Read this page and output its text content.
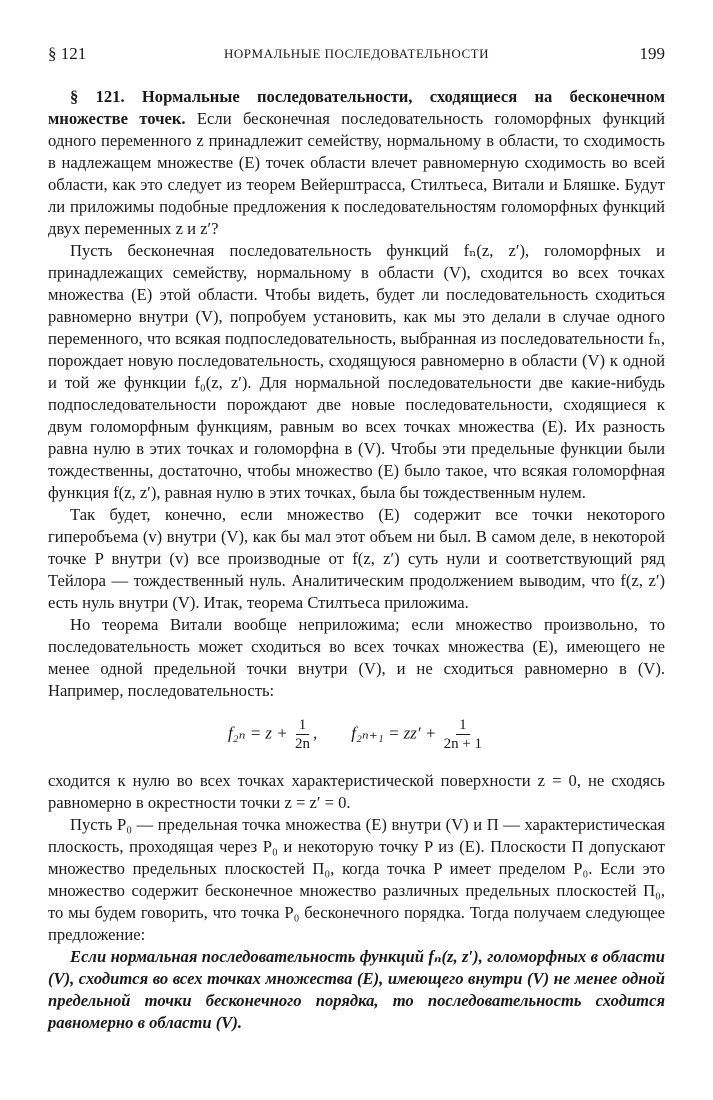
§ 121	НОРМАЛЬНЫЕ ПОСЛЕДОВАТЕЛЬНОСТИ	199

§ 121. Нормальные последовательности, сходящиеся на бесконечном множестве точек. Если бесконечная последовательность голоморфных функций одного переменного z принадлежит семейству, нормальному в области, то сходимость в надлежащем множестве (E) точек области влечет равномерную сходимость во всей области, как это следует из теорем Вейерштрасса, Стилтьеса, Витали и Бляшке. Будут ли приложимы подобные предложения к последовательностям голоморфных функций двух переменных z и z′?

Пусть бесконечная последовательность функций fₙ(z, z′), голоморфных и принадлежащих семейству, нормальному в области (V), сходится во всех точках множества (E) этой области. Чтобы видеть, будет ли последовательность сходиться равномерно внутри (V), попробуем установить, как мы это делали в случае одного переменного, что всякая подпоследовательность, выбранная из последовательности fₙ, порождает новую последовательность, сходящуюся равномерно в области (V) к одной и той же функции f₀(z, z′). Для нормальной последовательности две какие-нибудь подпоследовательности порождают две новые последовательности, сходящиеся к двум голоморфным функциям, равным во всех точках множества (E). Их разность равна нулю в этих точках и голоморфна в (V). Чтобы эти предельные функции были тождественны, достаточно, чтобы множество (E) было такое, что всякая голоморфная функция f(z, z′), равная нулю в этих точках, была бы тождественным нулем.

Так будет, конечно, если множество (E) содержит все точки некоторого гиперобъема (v) внутри (V), как бы мал этот объем ни был. В самом деле, в некоторой точке P внутри (v) все производные от f(z, z′) суть нули и соответствующий ряд Тейлора — тождественный нуль. Аналитическим продолжением выводим, что f(z, z′) есть нуль внутри (V). Итак, теорема Стилтьеса приложима.

Но теорема Витали вообще неприложима; если множество произвольно, то последовательность может сходиться во всех точках множества (E), имеющего не менее одной предельной точки внутри (V), и не сходиться равномерно в (V). Например, последовательность:

$f_{2n} = z + \frac{1}{2n}$ , $f_{2n+1} = zz' + \frac{1}{2n + 1}$

сходится к нулю во всех точках характеристической поверхности z = 0, не сходясь равномерно в окрестности точки z = z′ = 0.

Пусть P₀ — предельная точка множества (E) внутри (V) и Π — характеристическая плоскость, проходящая через P₀ и некоторую точку P из (E). Плоскости Π допускают множество предельных плоскостей Π₀, когда точка P имеет пределом P₀. Если это множество содержит бесконечное множество различных предельных плоскостей Π₀, то мы будем говорить, что точка P₀ бесконечного порядка. Тогда получаем следующее предложение:

Если нормальная последовательность функций fₙ(z, z′), голоморфных в области (V), сходится во всех точках множества (E), имеющего внутри (V) не менее одной предельной точки бесконечного порядка, то последовательность сходится равномерно в области (V).
